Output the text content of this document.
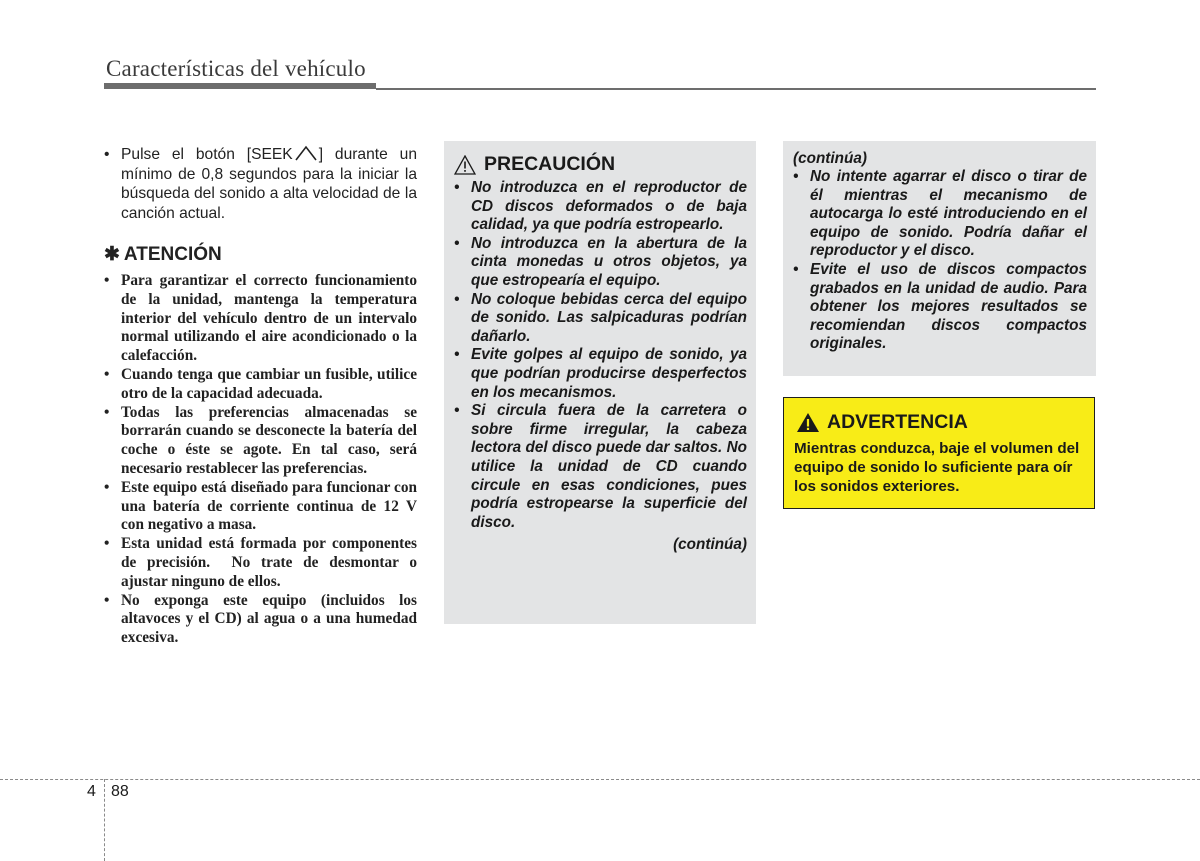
Características del vehículo
• Pulse el botón [SEEK ] durante un mínimo de 0,8 segundos para la iniciar la búsqueda del sonido a alta velocidad de la canción actual.
✱ ATENCIÓN
• Para garantizar el correcto funcionamiento de la unidad, mantenga la temperatura interior del vehículo dentro de un intervalo normal utilizando el aire acondicionado o la calefacción.
• Cuando tenga que cambiar un fusible, utilice otro de la capacidad adecuada.
• Todas las preferencias almacenadas se borrarán cuando se desconecte la batería del coche o éste se agote. En tal caso, será necesario restablecer las preferencias.
• Este equipo está diseñado para funcionar con una batería de corriente continua de 12 V con negativo a masa.
• Esta unidad está formada por componentes de precisión.  No trate de desmontar o ajustar ninguno de ellos.
• No exponga este equipo (incluidos los altavoces y el CD) al agua o a una humedad excesiva.
PRECAUCIÓN
• No introduzca en el reproductor de CD discos deformados o de baja calidad, ya que podría estropearlo.
• No introduzca en la abertura de la cinta monedas u otros objetos, ya que estropearía el equipo.
• No coloque bebidas cerca del equipo de sonido. Las salpicaduras podrían dañarlo.
• Evite golpes al equipo de sonido, ya que podrían producirse desperfectos en los mecanismos.
• Si circula fuera de la carretera o sobre firme irregular, la cabeza lectora del disco puede dar saltos. No utilice la unidad de CD cuando circule en esas condiciones, pues podría estropearse la superficie del disco.
(continúa)
(continúa)
• No intente agarrar el disco o tirar de él mientras el mecanismo de autocarga lo esté introduciendo en el equipo de sonido. Podría dañar el reproductor y el disco.
• Evite el uso de discos compactos grabados en la unidad de audio. Para obtener los mejores resultados se recomiendan discos compactos originales.
ADVERTENCIA
Mientras conduzca, baje el volumen del equipo de sonido lo suficiente para oír los sonidos exteriores.
4 88
